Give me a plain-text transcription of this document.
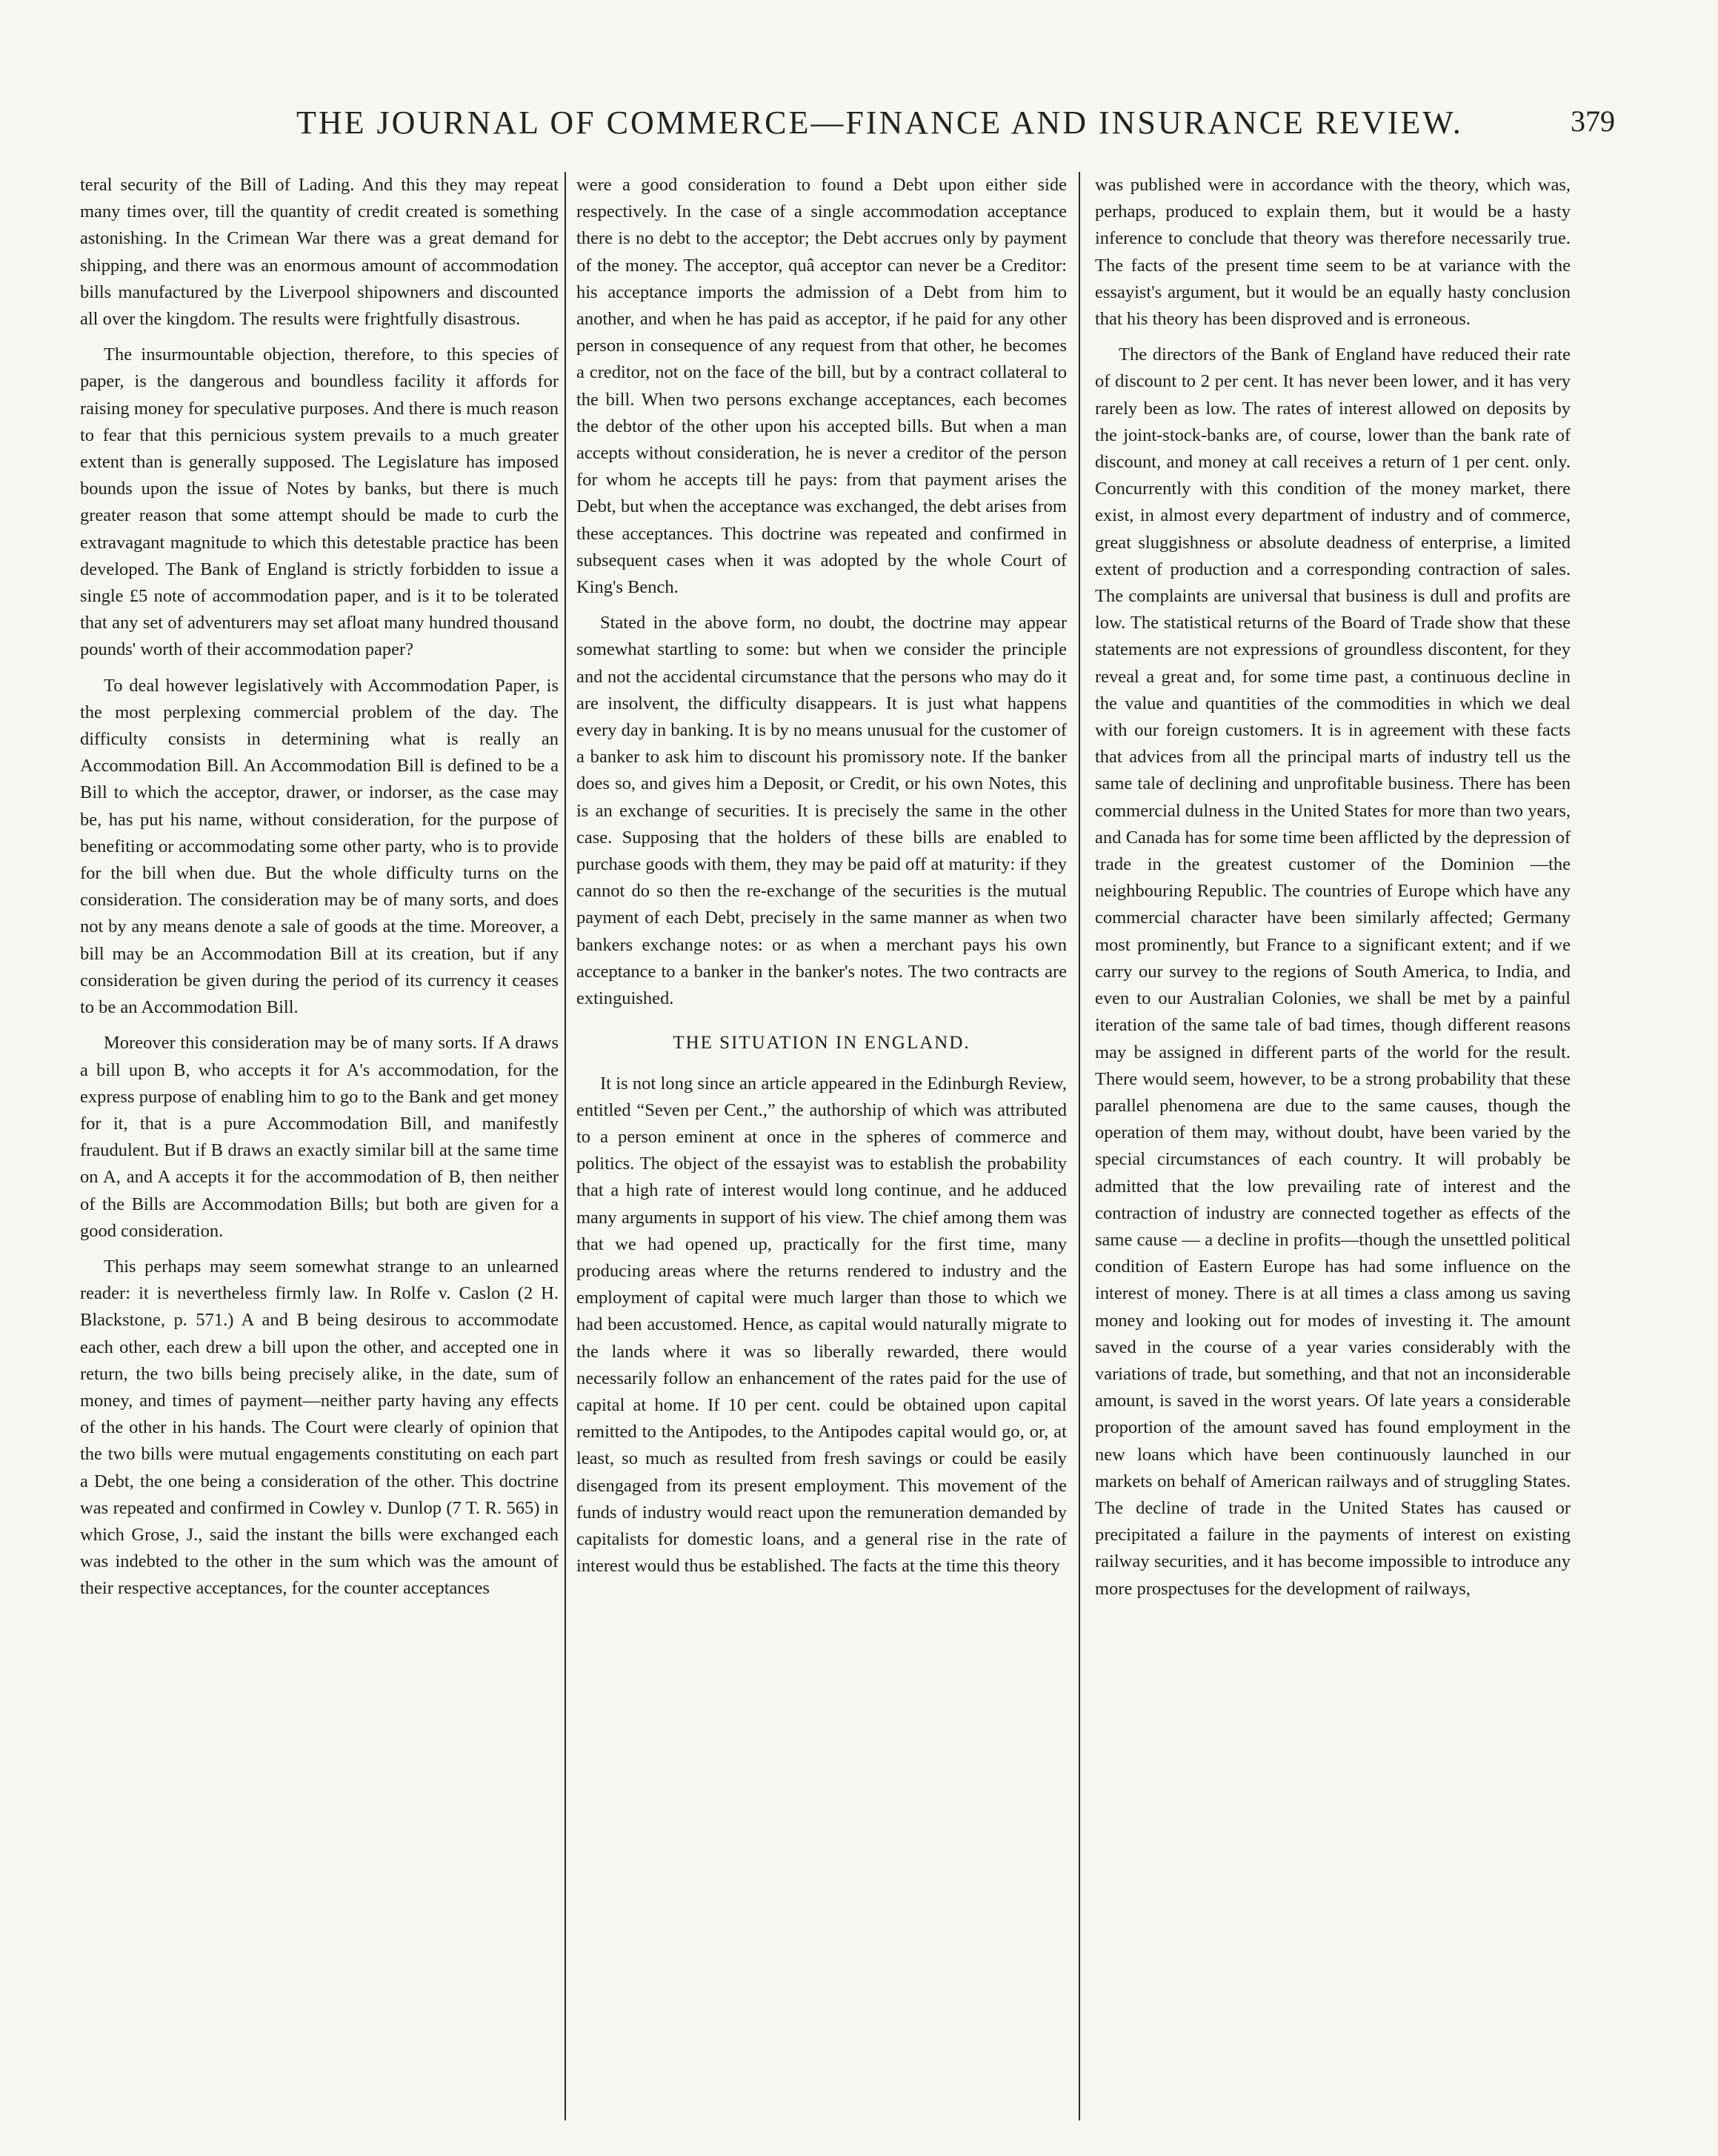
THE JOURNAL OF COMMERCE—FINANCE AND INSURANCE REVIEW.	379

teral security of the Bill of Lading. And this they may repeat many times over, till the quantity of credit created is something astonishing. In the Crimean War there was a great demand for shipping, and there was an enormous amount of accommodation bills manufactured by the Liverpool shipowners and discounted all over the kingdom. The results were frightfully disastrous.

The insurmountable objection, therefore, to this species of paper, is the dangerous and boundless facility it affords for raising money for speculative purposes. And there is much reason to fear that this pernicious system prevails to a much greater extent than is generally supposed. The Legislature has imposed bounds upon the issue of Notes by banks, but there is much greater reason that some attempt should be made to curb the extravagant magnitude to which this detestable practice has been developed. The Bank of England is strictly forbidden to issue a single £5 note of accommodation paper, and is it to be tolerated that any set of adventurers may set afloat many hundred thousand pounds' worth of their accommodation paper?

To deal however legislatively with Accommodation Paper, is the most perplexing commercial problem of the day. The difficulty consists in determining what is really an Accommodation Bill. An Accommodation Bill is defined to be a Bill to which the acceptor, drawer, or indorser, as the case may be, has put his name, without consideration, for the purpose of benefiting or accommodating some other party, who is to provide for the bill when due. But the whole difficulty turns on the consideration. The consideration may be of many sorts, and does not by any means denote a sale of goods at the time. Moreover, a bill may be an Accommodation Bill at its creation, but if any consideration be given during the period of its currency it ceases to be an Accommodation Bill.

Moreover this consideration may be of many sorts. If A draws a bill upon B, who accepts it for A's accommodation, for the express purpose of enabling him to go to the Bank and get money for it, that is a pure Accommodation Bill, and manifestly fraudulent. But if B draws an exactly similar bill at the same time on A, and A accepts it for the accommodation of B, then neither of the Bills are Accommodation Bills; but both are given for a good consideration.

This perhaps may seem somewhat strange to an unlearned reader: it is nevertheless firmly law. In Rolfe v. Caslon (2 H. Blackstone, p. 571.) A and B being desirous to accommodate each other, each drew a bill upon the other, and accepted one in return, the two bills being precisely alike, in the date, sum of money, and times of payment—neither party having any effects of the other in his hands. The Court were clearly of opinion that the two bills were mutual engagements constituting on each part a Debt, the one being a consideration of the other. This doctrine was repeated and confirmed in Cowley v. Dunlop (7 T. R. 565) in which Grose, J., said the instant the bills were exchanged each was indebted to the other in the sum which was the amount of their respective acceptances, for the counter acceptances

were a good consideration to found a Debt upon either side respectively. In the case of a single accommodation acceptance there is no debt to the acceptor; the Debt accrues only by payment of the money. The acceptor, quâ acceptor can never be a Creditor: his acceptance imports the admission of a Debt from him to another, and when he has paid as acceptor, if he paid for any other person in consequence of any request from that other, he becomes a creditor, not on the face of the bill, but by a contract collateral to the bill. When two persons exchange acceptances, each becomes the debtor of the other upon his accepted bills. But when a man accepts without consideration, he is never a creditor of the person for whom he accepts till he pays: from that payment arises the Debt, but when the acceptance was exchanged, the debt arises from these acceptances. This doctrine was repeated and confirmed in subsequent cases when it was adopted by the whole Court of King's Bench.

Stated in the above form, no doubt, the doctrine may appear somewhat startling to some: but when we consider the principle and not the accidental circumstance that the persons who may do it are insolvent, the difficulty disappears. It is just what happens every day in banking. It is by no means unusual for the customer of a banker to ask him to discount his promissory note. If the banker does so, and gives him a Deposit, or Credit, or his own Notes, this is an exchange of securities. It is precisely the same in the other case. Supposing that the holders of these bills are enabled to purchase goods with them, they may be paid off at maturity: if they cannot do so then the re-exchange of the securities is the mutual payment of each Debt, precisely in the same manner as when two bankers exchange notes: or as when a merchant pays his own acceptance to a banker in the banker's notes. The two contracts are extinguished.

THE SITUATION IN ENGLAND.

It is not long since an article appeared in the Edinburgh Review, entitled “Seven per Cent.,” the authorship of which was attributed to a person eminent at once in the spheres of commerce and politics. The object of the essayist was to establish the probability that a high rate of interest would long continue, and he adduced many arguments in support of his view. The chief among them was that we had opened up, practically for the first time, many producing areas where the returns rendered to industry and the employment of capital were much larger than those to which we had been accustomed. Hence, as capital would naturally migrate to the lands where it was so liberally rewarded, there would necessarily follow an enhancement of the rates paid for the use of capital at home. If 10 per cent. could be obtained upon capital remitted to the Antipodes, to the Antipodes capital would go, or, at least, so much as resulted from fresh savings or could be easily disengaged from its present employment. This movement of the funds of industry would react upon the remuneration demanded by capitalists for domestic loans, and a general rise in the rate of interest would thus be established. The facts at the time this theory

was published were in accordance with the theory, which was, perhaps, produced to explain them, but it would be a hasty inference to conclude that theory was therefore necessarily true. The facts of the present time seem to be at variance with the essayist's argument, but it would be an equally hasty conclusion that his theory has been disproved and is erroneous.

The directors of the Bank of England have reduced their rate of discount to 2 per cent. It has never been lower, and it has very rarely been as low. The rates of interest allowed on deposits by the joint-stock-banks are, of course, lower than the bank rate of discount, and money at call receives a return of 1 per cent. only. Concurrently with this condition of the money market, there exist, in almost every department of industry and of commerce, great sluggishness or absolute deadness of enterprise, a limited extent of production and a corresponding contraction of sales. The complaints are universal that business is dull and profits are low. The statistical returns of the Board of Trade show that these statements are not expressions of groundless discontent, for they reveal a great and, for some time past, a continuous decline in the value and quantities of the commodities in which we deal with our foreign customers. It is in agreement with these facts that advices from all the principal marts of industry tell us the same tale of declining and unprofitable business. There has been commercial dulness in the United States for more than two years, and Canada has for some time been afflicted by the depression of trade in the greatest customer of the Dominion —the neighbouring Republic. The countries of Europe which have any commercial character have been similarly affected; Germany most prominently, but France to a significant extent; and if we carry our survey to the regions of South America, to India, and even to our Australian Colonies, we shall be met by a painful iteration of the same tale of bad times, though different reasons may be assigned in different parts of the world for the result. There would seem, however, to be a strong probability that these parallel phenomena are due to the same causes, though the operation of them may, without doubt, have been varied by the special circumstances of each country. It will probably be admitted that the low prevailing rate of interest and the contraction of industry are connected together as effects of the same cause — a decline in profits—though the unsettled political condition of Eastern Europe has had some influence on the interest of money. There is at all times a class among us saving money and looking out for modes of investing it. The amount saved in the course of a year varies considerably with the variations of trade, but something, and that not an inconsiderable amount, is saved in the worst years. Of late years a considerable proportion of the amount saved has found employment in the new loans which have been continuously launched in our markets on behalf of American railways and of struggling States. The decline of trade in the United States has caused or precipitated a failure in the payments of interest on existing railway securities, and it has become impossible to introduce any more prospectuses for the development of railways,
